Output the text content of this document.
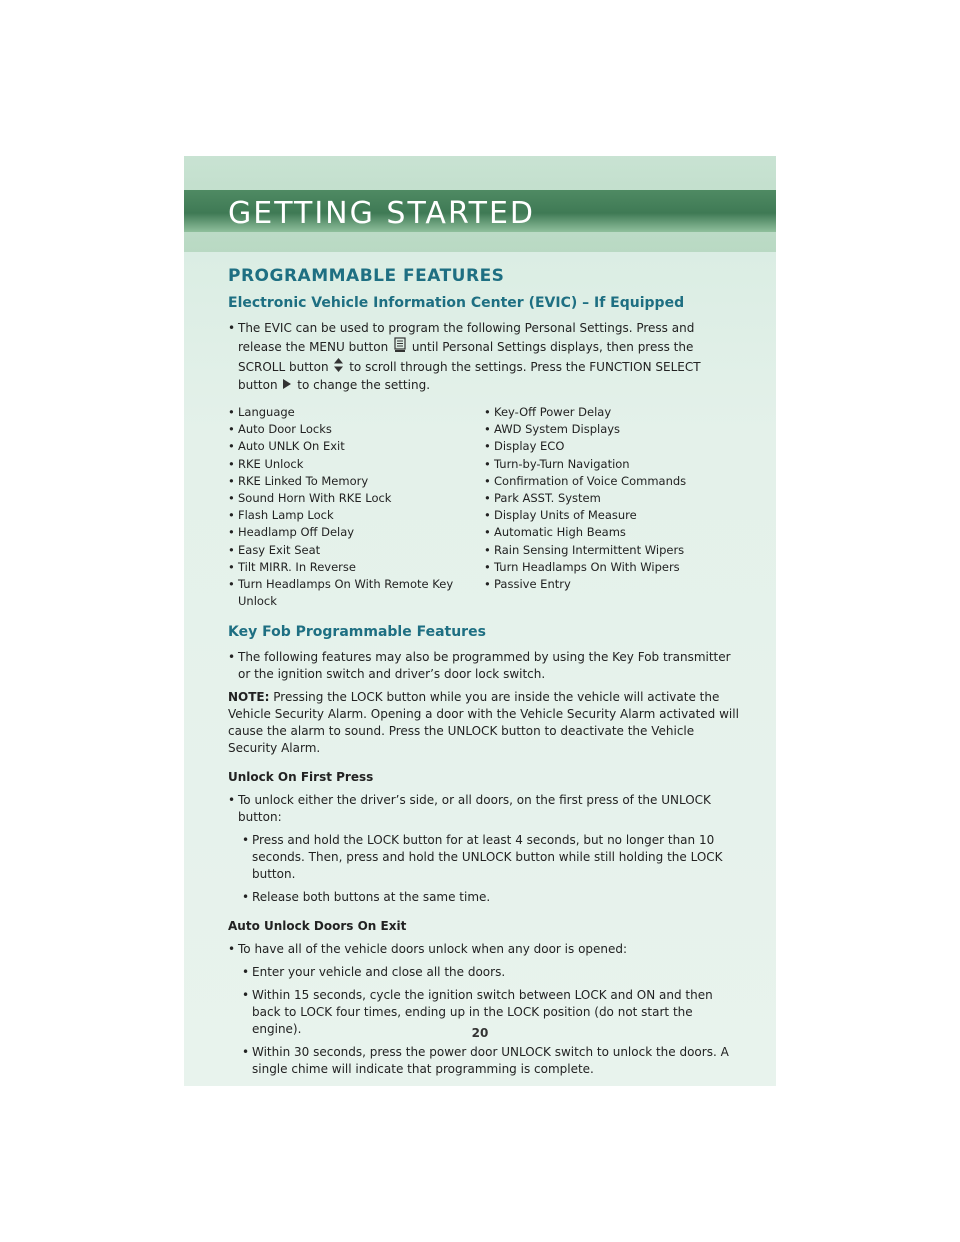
GETTING STARTED
PROGRAMMABLE FEATURES
Electronic Vehicle Information Center (EVIC) – If Equipped
• The EVIC can be used to program the following Personal Settings. Press and release the MENU button until Personal Settings displays, then press the SCROLL button to scroll through the settings. Press the FUNCTION SELECT button to change the setting.
• Language
• Auto Door Locks
• Auto UNLK On Exit
• RKE Unlock
• RKE Linked To Memory
• Sound Horn With RKE Lock
• Flash Lamp Lock
• Headlamp Off Delay
• Easy Exit Seat
• Tilt MIRR. In Reverse
• Turn Headlamps On With Remote Key Unlock
• Key-Off Power Delay
• AWD System Displays
• Display ECO
• Turn-by-Turn Navigation
• Confirmation of Voice Commands
• Park ASST. System
• Display Units of Measure
• Automatic High Beams
• Rain Sensing Intermittent Wipers
• Turn Headlamps On With Wipers
• Passive Entry
Key Fob Programmable Features
• The following features may also be programmed by using the Key Fob transmitter or the ignition switch and driver’s door lock switch.

NOTE: Pressing the LOCK button while you are inside the vehicle will activate the Vehicle Security Alarm. Opening a door with the Vehicle Security Alarm activated will cause the alarm to sound. Press the UNLOCK button to deactivate the Vehicle Security Alarm.

Unlock On First Press
• To unlock either the driver’s side, or all doors, on the first press of the UNLOCK button:
• Press and hold the LOCK button for at least 4 seconds, but no longer than 10 seconds. Then, press and hold the UNLOCK button while still holding the LOCK button.
• Release both buttons at the same time.
Auto Unlock Doors On Exit
• To have all of the vehicle doors unlock when any door is opened:
• Enter your vehicle and close all the doors.
• Within 15 seconds, cycle the ignition switch between LOCK and ON and then back to LOCK four times, ending up in the LOCK position (do not start the engine).
• Within 30 seconds, press the power door UNLOCK switch to unlock the doors. A single chime will indicate that programming is complete.
20
